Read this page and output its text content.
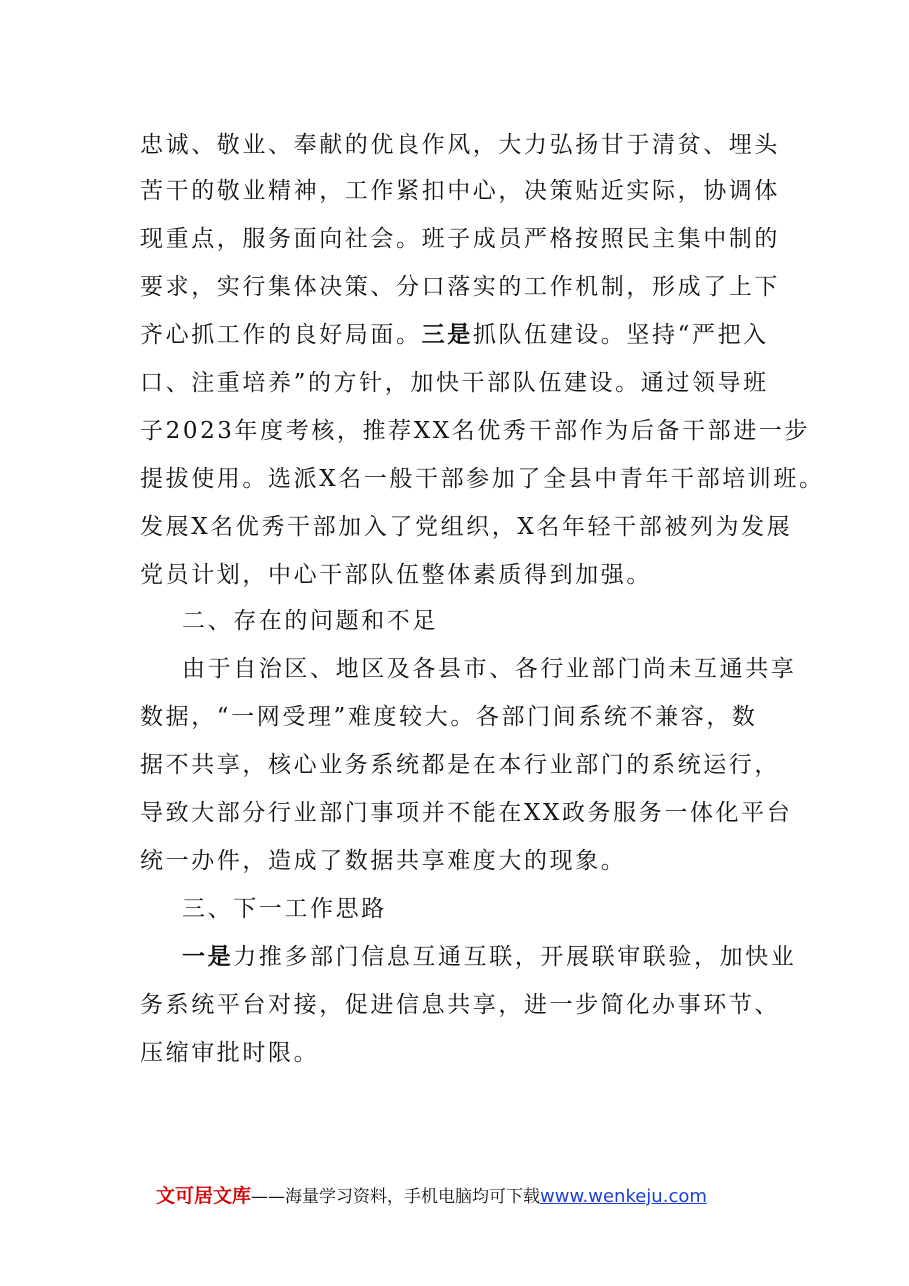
忠诚、敬业、奉献的优良作风，大力弘扬甘于清贫、埋头
苦干的敬业精神，工作紧扣中心，决策贴近实际，协调体
现重点，服务面向社会。班子成员严格按照民主集中制的
要求，实行集体决策、分口落实的工作机制，形成了上下
齐心抓工作的良好局面。三是抓队伍建设。坚持“严把入
口、注重培养”的方针，加快干部队伍建设。通过领导班
子2023年度考核，推荐XX名优秀干部作为后备干部进一步
提拔使用。选派X名一般干部参加了全县中青年干部培训班。
发展X名优秀干部加入了党组织，X名年轻干部被列为发展
党员计划，中心干部队伍整体素质得到加强。
二、存在的问题和不足
由于自治区、地区及各县市、各行业部门尚未互通共享
数据，“一网受理”难度较大。各部门间系统不兼容，数
据不共享，核心业务系统都是在本行业部门的系统运行，
导致大部分行业部门事项并不能在XX政务服务一体化平台
统一办件，造成了数据共享难度大的现象。
三、下一工作思路
一是力推多部门信息互通互联，开展联审联验，加快业
务系统平台对接，促进信息共享，进一步简化办事环节、
压缩审批时限。
文可居文库——海量学习资料，手机电脑均可下载www.wenkeju.com
